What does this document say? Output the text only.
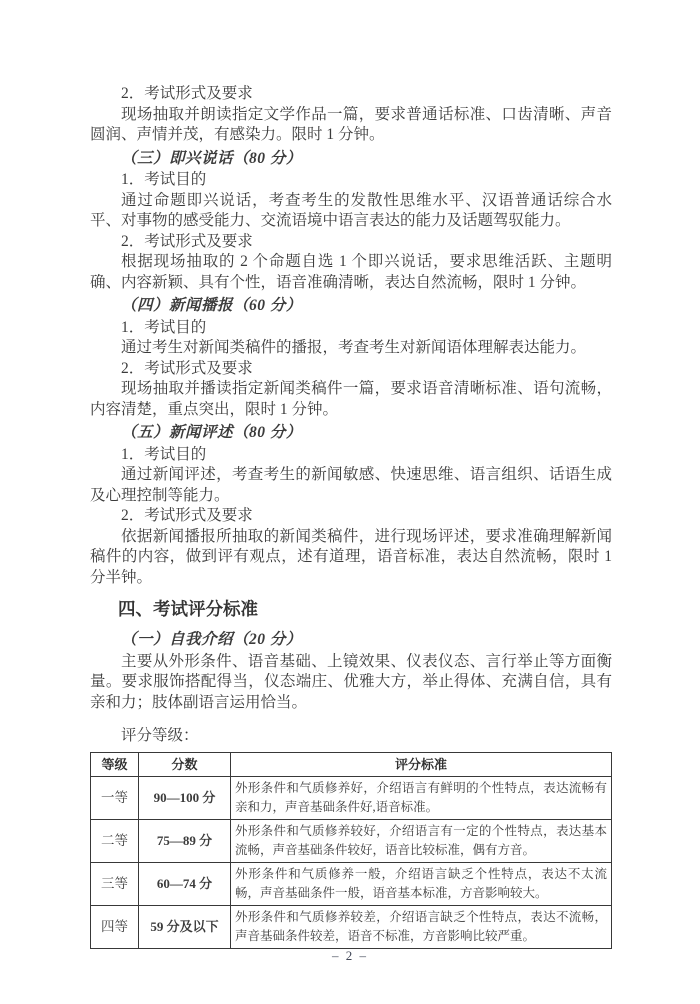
2．考试形式及要求

现场抽取并朗读指定文学作品一篇，要求普通话标准、口齿清晰、声音圆润、声情并茂，有感染力。限时 1 分钟。

（三）即兴说话（80 分）

1．考试目的

通过命题即兴说话，考查考生的发散性思维水平、汉语普通话综合水平、对事物的感受能力、交流语境中语言表达的能力及话题驾驭能力。

2．考试形式及要求

根据现场抽取的 2 个命题自选 1 个即兴说话，要求思维活跃、主题明确、内容新颖、具有个性，语音准确清晰，表达自然流畅，限时 1 分钟。

（四）新闻播报（60 分）

1．考试目的

通过考生对新闻类稿件的播报，考查考生对新闻语体理解表达能力。

2．考试形式及要求

现场抽取并播读指定新闻类稿件一篇，要求语音清晰标准、语句流畅，内容清楚，重点突出，限时 1 分钟。

（五）新闻评述（80 分）

1．考试目的

通过新闻评述，考查考生的新闻敏感、快速思维、语言组织、话语生成及心理控制等能力。

2．考试形式及要求

依据新闻播报所抽取的新闻类稿件，进行现场评述，要求准确理解新闻稿件的内容，做到评有观点，述有道理，语音标准，表达自然流畅，限时 1 分半钟。

四、考试评分标准

（一）自我介绍（20 分）

主要从外形条件、语音基础、上镜效果、仪表仪态、言行举止等方面衡量。要求服饰搭配得当，仪态端庄、优雅大方，举止得体、充满自信，具有亲和力；肢体副语言运用恰当。

评分等级：

等级	分数	评分标准
一等	90—100 分	外形条件和气质修养好，介绍语言有鲜明的个性特点，表达流畅有亲和力，声音基础条件好,语音标准。
二等	75—89 分	外形条件和气质修养较好，介绍语言有一定的个性特点，表达基本流畅，声音基础条件较好，语音比较标准，偶有方音。
三等	60—74 分	外形条件和气质修养一般，介绍语言缺乏个性特点，表达不太流畅，声音基础条件一般，语音基本标准，方音影响较大。
四等	59 分及以下	外形条件和气质修养较差，介绍语言缺乏个性特点，表达不流畅，声音基础条件较差，语音不标准，方音影响比较严重。
– 2 –
